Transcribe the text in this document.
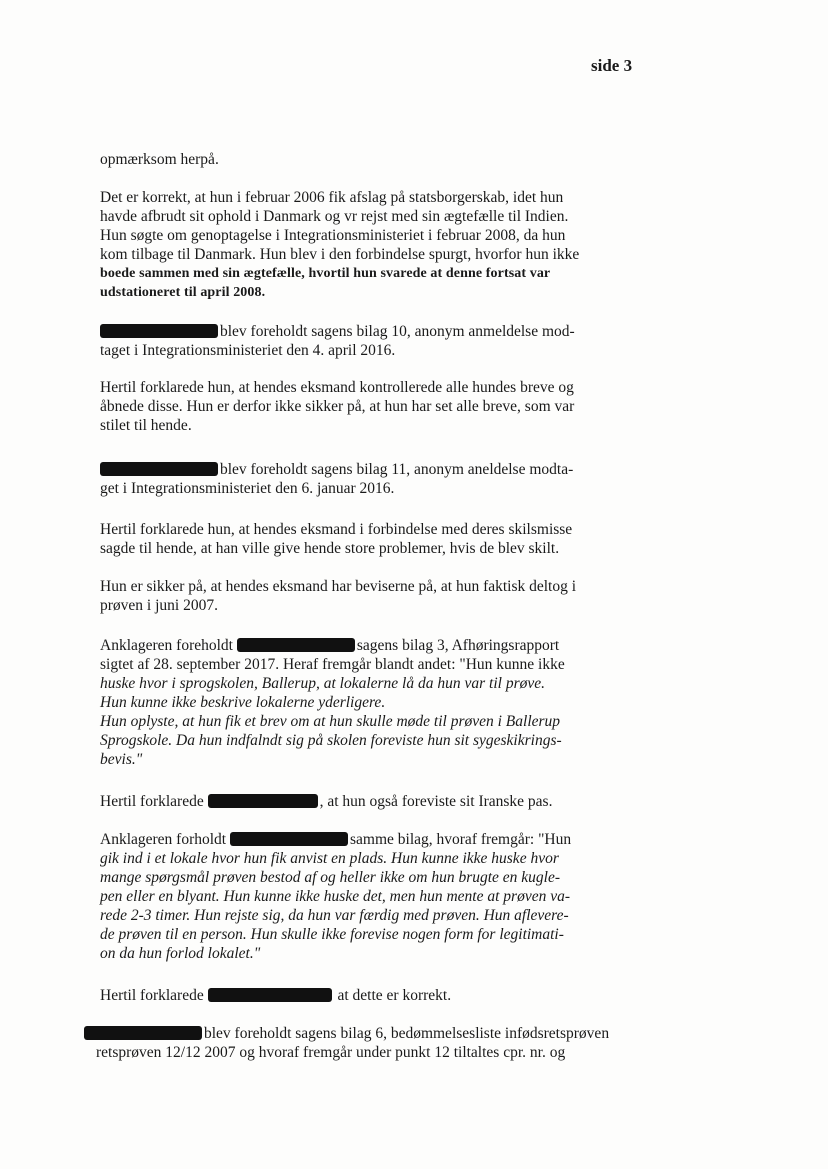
side 3
opmærksom herpå.
Det er korrekt, at hun i februar 2006 fik afslag på statsborgerskab, idet hun
havde afbrudt sit ophold i Danmark og vr rejst med sin ægtefælle til Indien.
Hun søgte om genoptagelse i Integrationsministeriet i februar 2008, da hun
kom tilbage til Danmark. Hun blev i den forbindelse spurgt, hvorfor hun ikke
boede sammen med sin ægtefælle, hvortil hun svarede at denne fortsat var
udstationeret til april 2008.
blev foreholdt sagens bilag 10, anonym anmeldelse mod-
taget i Integrationsministeriet den 4. april 2016.
Hertil forklarede hun, at hendes eksmand kontrollerede alle hundes breve og
åbnede disse. Hun er derfor ikke sikker på, at hun har set alle breve, som var
stilet til hende.
blev foreholdt sagens bilag 11, anonym aneldelse modta-
get i Integrationsministeriet den 6. januar 2016.
Hertil forklarede hun, at hendes eksmand i forbindelse med deres skilsmisse
sagde til hende, at han ville give hende store problemer, hvis de blev skilt.
Hun er sikker på, at hendes eksmand har beviserne på, at hun faktisk deltog i
prøven i juni 2007.
Anklageren foreholdt	sagens bilag 3, Afhøringsrapport
sigtet af 28. september 2017. Heraf fremgår blandt andet: "Hun kunne ikke
huske hvor i sprogskolen, Ballerup, at lokalerne lå da hun var til prøve.
Hun kunne ikke beskrive lokalerne yderligere.
Hun oplyste, at hun fik et brev om at hun skulle møde til prøven i Ballerup
Sprogskole. Da hun indfalndt sig på skolen foreviste hun sit sygeskikrings-
bevis."
Hertil forklarede	, at hun også foreviste sit Iranske pas.
Anklageren forholdt	samme bilag, hvoraf fremgår: "Hun
gik ind i et lokale hvor hun fik anvist en plads. Hun kunne ikke huske hvor
mange spørgsmål prøven bestod af og heller ikke om hun brugte en kugle-
pen eller en blyant. Hun kunne ikke huske det, men hun mente at prøven va-
rede 2-3 timer. Hun rejste sig, da hun var færdig med prøven. Hun aflevere-
de prøven til en person. Hun skulle ikke forevise nogen form for legitimati-
on da hun forlod lokalet."
Hertil forklarede	at dette er korrekt.
blev foreholdt sagens bilag 6, bedømmelsesliste infødsretsprøven
retsprøven 12/12 2007 og hvoraf fremgår under punkt 12 tiltaltes cpr. nr. og
